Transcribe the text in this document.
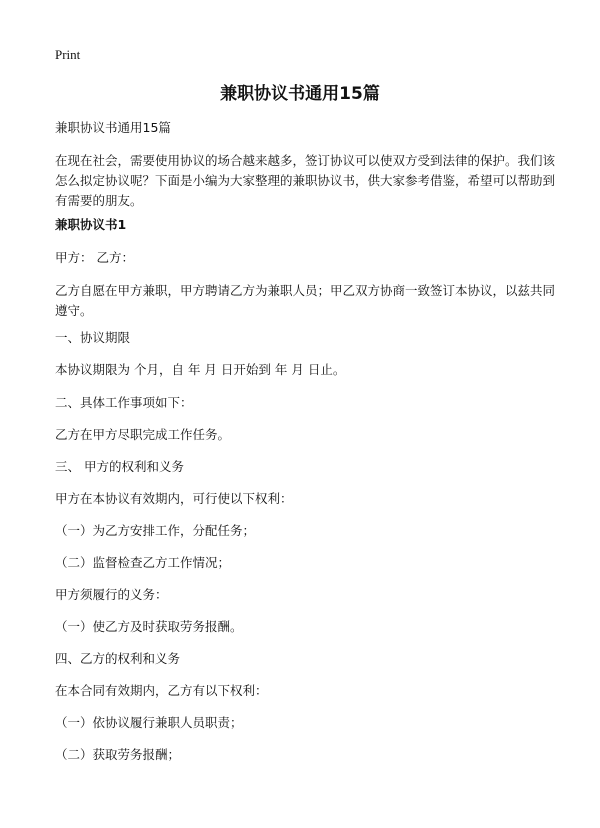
Print
兼职协议书通用15篇

兼职协议书通用15篇

在现在社会，需要使用协议的场合越来越多，签订协议可以使双方受到法律的保护。我们该怎么拟定协议呢？下面是小编为大家整理的兼职协议书，供大家参考借鉴，希望可以帮助到有需要的朋友。

兼职协议书1

甲方： 乙方：

乙方自愿在甲方兼职，甲方聘请乙方为兼职人员；甲乙双方协商一致签订本协议，以兹共同遵守。

一、协议期限

本协议期限为 个月，自 年 月 日开始到 年 月 日止。

二、具体工作事项如下：

乙方在甲方尽职完成工作任务。

三、 甲方的权利和义务

甲方在本协议有效期内，可行使以下权利：

（一）为乙方安排工作，分配任务；

（二）监督检查乙方工作情况；

甲方须履行的义务：

（一）使乙方及时获取劳务报酬。

四、乙方的权利和义务

在本合同有效期内，乙方有以下权利：

（一）依协议履行兼职人员职责；

（二）获取劳务报酬；
